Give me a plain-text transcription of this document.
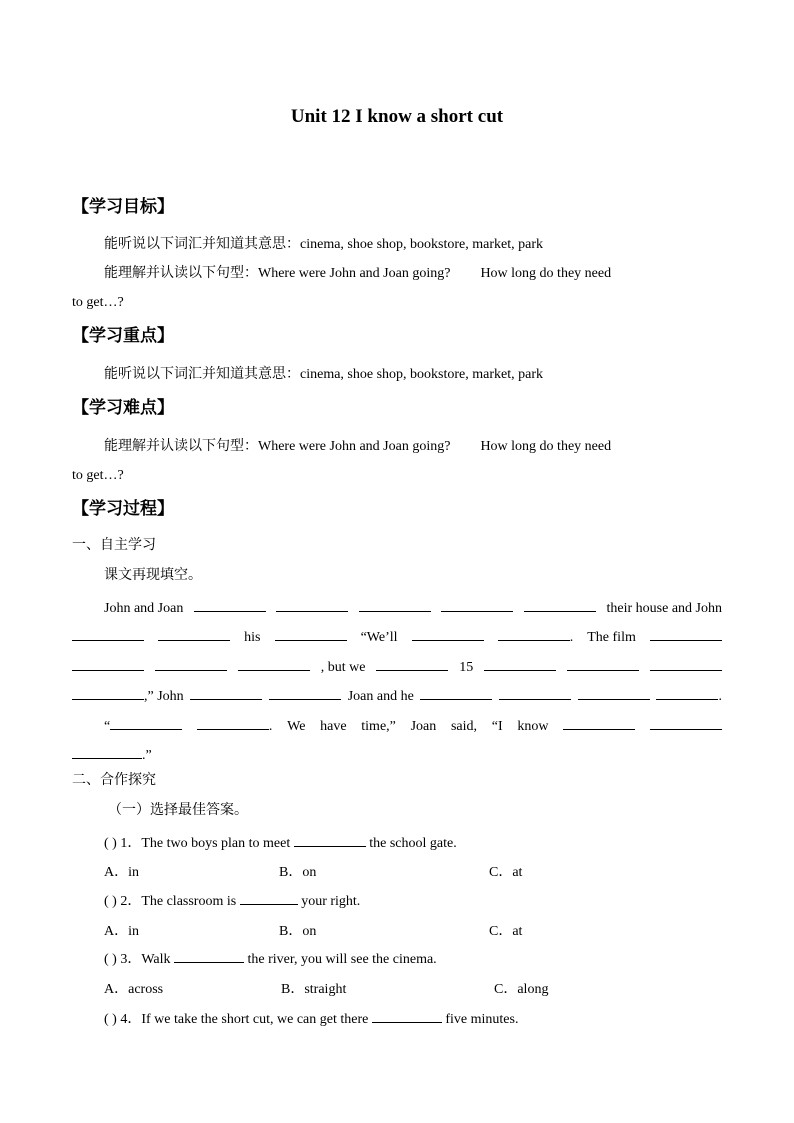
Unit 12 I know a short cut

【学习目标】

能听说以下词汇并知道其意思：cinema, shoe shop, bookstore, market, park

能理解并认读以下句型：Where were John and Joan going? How long do they need

to get…?

【学习重点】

能听说以下词汇并知道其意思：cinema, shoe shop, bookstore, market, park

【学习难点】

能理解并认读以下句型：Where were John and Joan going? How long do they need

to get…?

【学习过程】

一、自主学习

课文再现填空。

John and Joan	their house and John
his	“We’ll	. The film
, but we	15
,” John	Joan and he	.
“	. We have time,” Joan said, “I know

.”

二、合作探究

（一）选择最佳答案。

( ) 1．The two boys plan to meet	the school gate.

A．in	B．on	C．at

( ) 2．The classroom is	your right.

A．in	B．on	C．at

( ) 3．Walk	the river, you will see the cinema.

A．across	B．straight	C．along

( ) 4．If we take the short cut, we can get there	five minutes.
